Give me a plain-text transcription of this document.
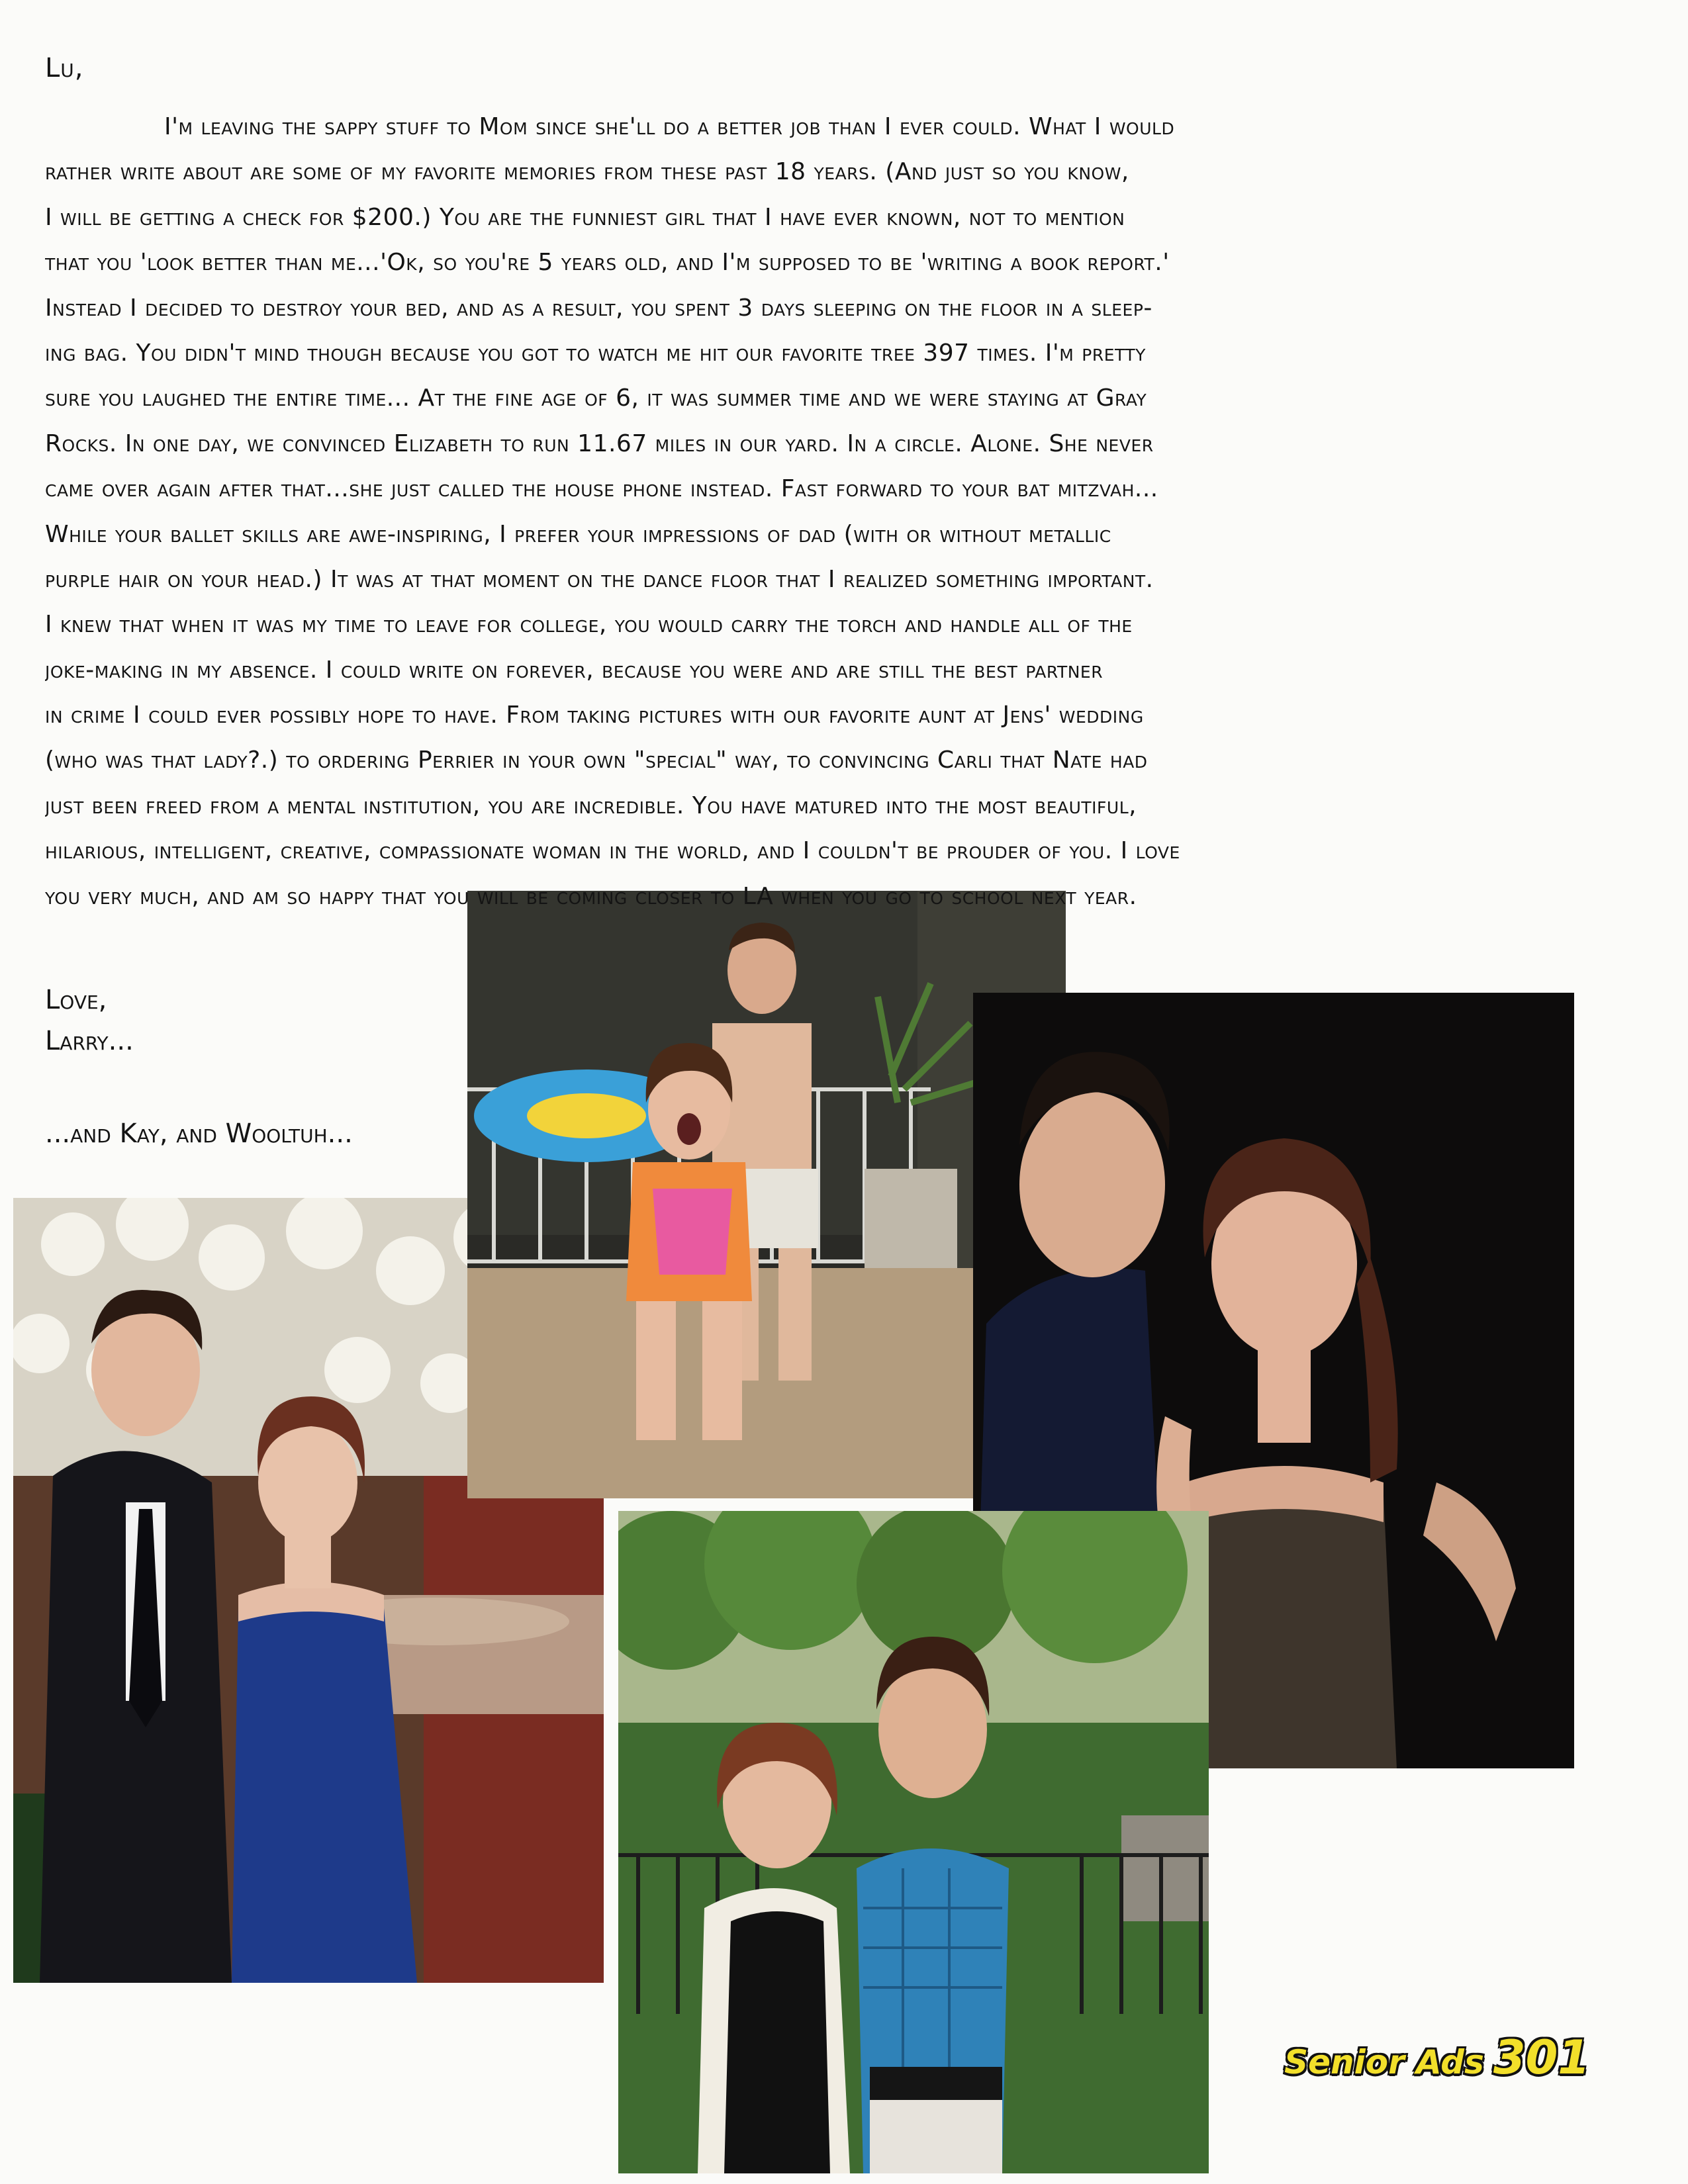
Lu,
I'm leaving the sappy stuff to Mom since she'll do a better job than I ever could. What I would
rather write about are some of my favorite memories from these past 18 years. (And just so you know,
I will be getting a check for $200.) You are the funniest girl that I have ever known, not to mention
that you 'look better than me...'Ok, so you're 5 years old, and I'm supposed to be 'writing a book report.'
Instead I decided to destroy your bed, and as a result, you spent 3 days sleeping on the floor in a sleep-
ing bag. You didn't mind though because you got to watch me hit our favorite tree 397 times. I'm pretty
sure you laughed the entire time... At the fine age of 6, it was summer time and we were staying at Gray
Rocks. In one day, we convinced Elizabeth to run 11.67 miles in our yard. In a circle. Alone. She never
came over again after that...she just called the house phone instead. Fast forward to your bat mitzvah...
While your ballet skills are awe-inspiring, I prefer your impressions of dad (with or without metallic
purple hair on your head.) It was at that moment on the dance floor that I realized something important.
I knew that when it was my time to leave for college, you would carry the torch and handle all of the
joke-making in my absence. I could write on forever, because you were and are still the best partner
in crime I could ever possibly hope to have. From taking pictures with our favorite aunt at Jens' wedding
(who was that lady?.) to ordering Perrier in your own "special" way, to convincing Carli that Nate had
just been freed from a mental institution, you are incredible. You have matured into the most beautiful,
hilarious, intelligent, creative, compassionate woman in the world, and I couldn't be prouder of you. I love
you very much, and am so happy that you will be coming closer to LA when you go to school next year.
Love,
Larry...
...and Kay, and Wooltuh...
Senior Ads 301
